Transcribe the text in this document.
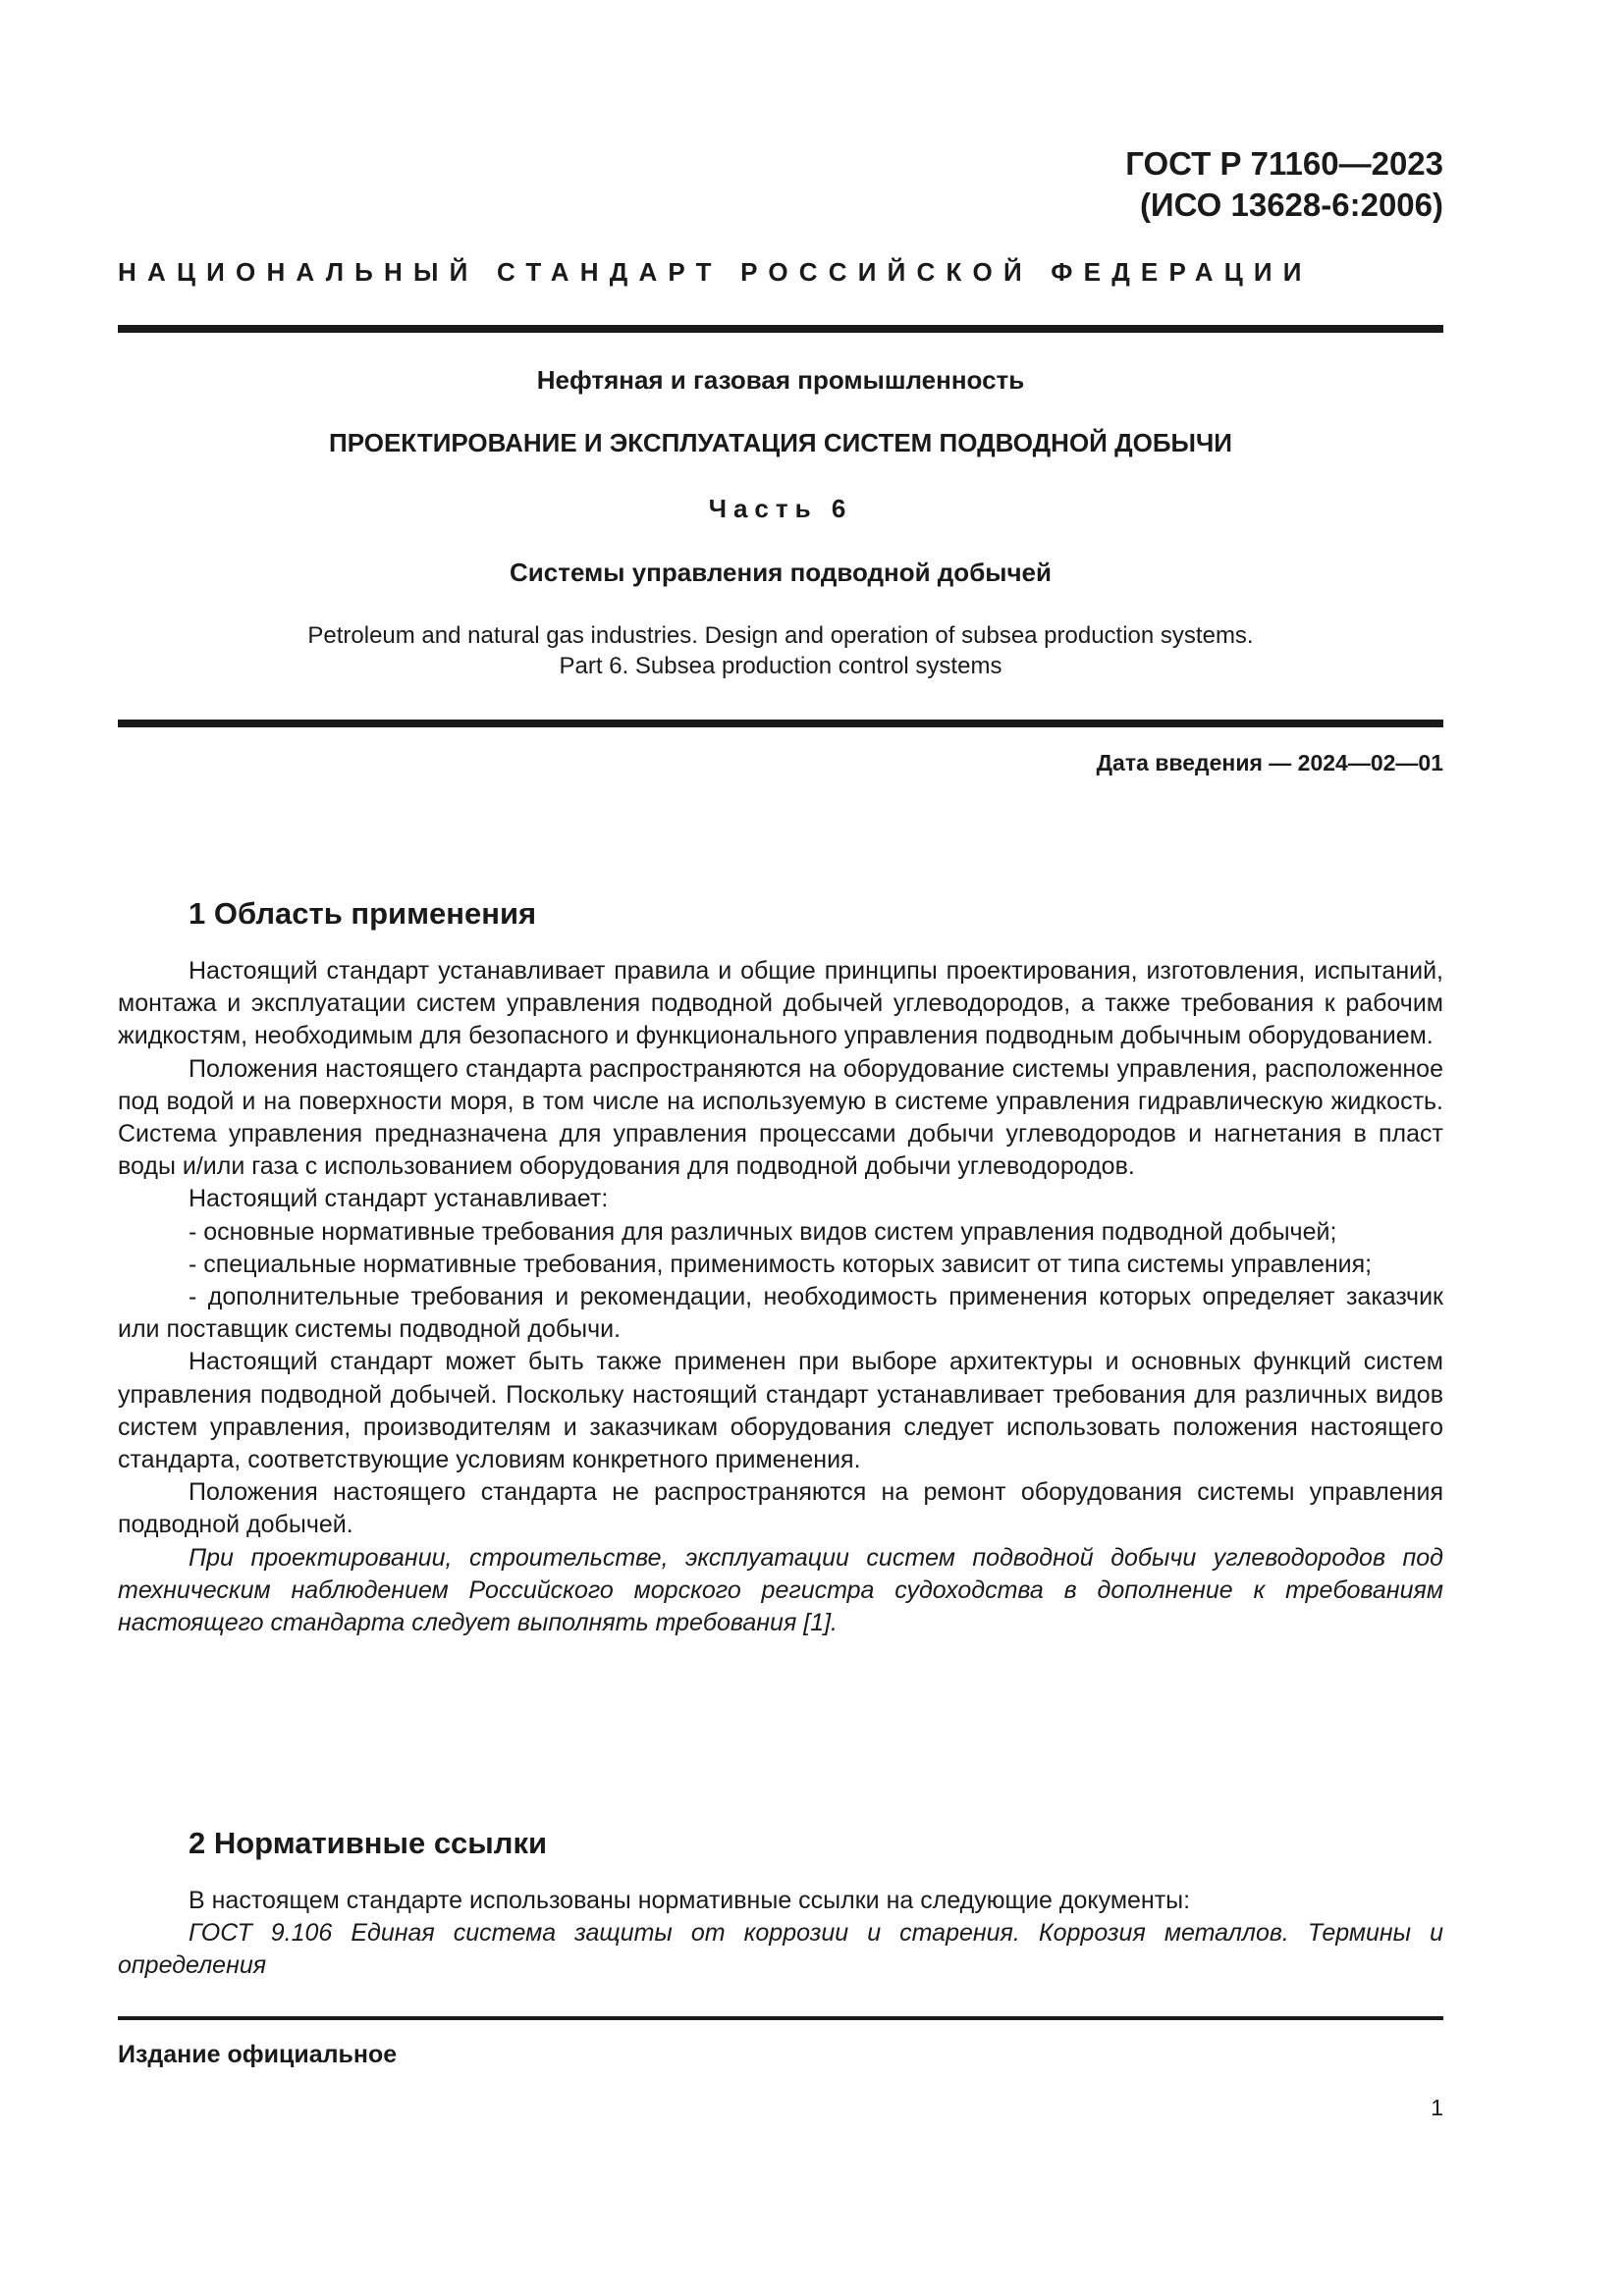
ГОСТ Р 71160—2023
(ИСО 13628-6:2006)
НАЦИОНАЛЬНЫЙ СТАНДАРТ РОССИЙСКОЙ ФЕДЕРАЦИИ
Нефтяная и газовая промышленность
ПРОЕКТИРОВАНИЕ И ЭКСПЛУАТАЦИЯ СИСТЕМ ПОДВОДНОЙ ДОБЫЧИ
Часть 6
Системы управления подводной добычей
Petroleum and natural gas industries. Design and operation of subsea production systems.
Part 6. Subsea production control systems
Дата введения — 2024—02—01
1 Область применения

Настоящий стандарт устанавливает правила и общие принципы проектирования, изготовления, испытаний, монтажа и эксплуатации систем управления подводной добычей углеводородов, а также требования к рабочим жидкостям, необходимым для безопасного и функционального управления подводным добычным оборудованием.

Положения настоящего стандарта распространяются на оборудование системы управления, расположенное под водой и на поверхности моря, в том числе на используемую в системе управления гидравлическую жидкость. Система управления предназначена для управления процессами добычи углеводородов и нагнетания в пласт воды и/или газа с использованием оборудования для подводной добычи углеводородов.

Настоящий стандарт устанавливает:

- основные нормативные требования для различных видов систем управления подводной добычей;

- специальные нормативные требования, применимость которых зависит от типа системы управления;

- дополнительные требования и рекомендации, необходимость применения которых определяет заказчик или поставщик системы подводной добычи.

Настоящий стандарт может быть также применен при выборе архитектуры и основных функций систем управления подводной добычей. Поскольку настоящий стандарт устанавливает требования для различных видов систем управления, производителям и заказчикам оборудования следует использовать положения настоящего стандарта, соответствующие условиям конкретного применения.

Положения настоящего стандарта не распространяются на ремонт оборудования системы управления подводной добычей.

При проектировании, строительстве, эксплуатации систем подводной добычи углеводородов под техническим наблюдением Российского морского регистра судоходства в дополнение к требованиям настоящего стандарта следует выполнять требования [1].

2 Нормативные ссылки

В настоящем стандарте использованы нормативные ссылки на следующие документы:

ГОСТ 9.106 Единая система защиты от коррозии и старения. Коррозия металлов. Термины и определения

Издание официальное
1
